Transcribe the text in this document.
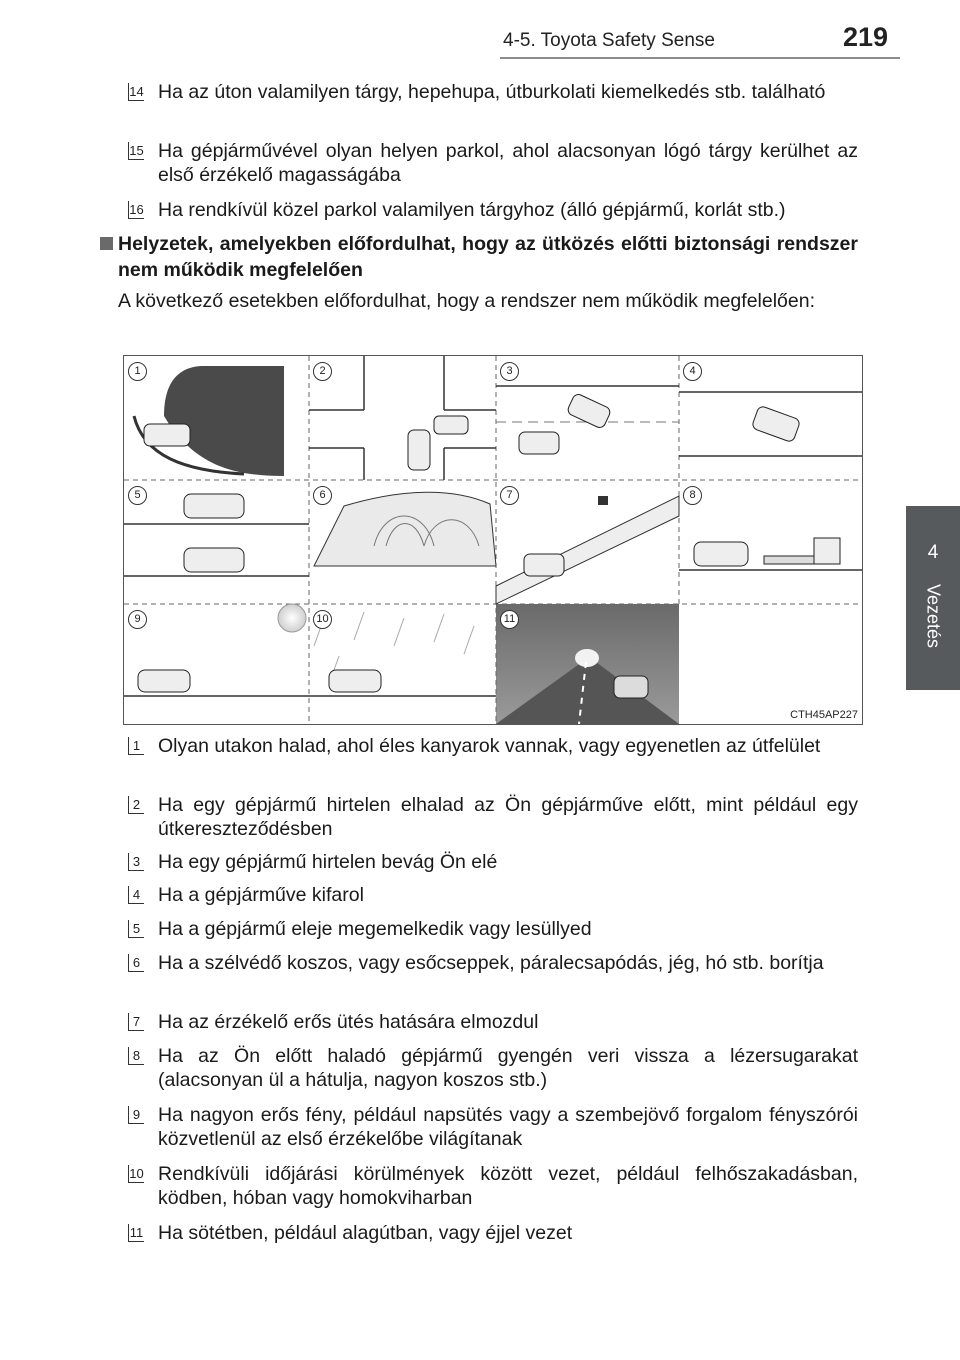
4-5. Toyota Safety Sense	219
4
Vezetés
14 Ha az úton valamilyen tárgy, hepehupa, útburkolati kiemelkedés stb. található
15 Ha gépjárművével olyan helyen parkol, ahol alacsonyan lógó tárgy kerülhet az első érzékelő magasságába
16 Ha rendkívül közel parkol valamilyen tárgyhoz (álló gépjármű, korlát stb.)
Helyzetek, amelyekben előfordulhat, hogy az ütközés előtti biztonsági rendszer nem működik megfelelően
A következő esetekben előfordulhat, hogy a rendszer nem működik megfelelően:
1	2	3	4
5	6	7	8
9	10	11
CTH45AP227
1 Olyan utakon halad, ahol éles kanyarok vannak, vagy egyenetlen az útfelület
2 Ha egy gépjármű hirtelen elhalad az Ön gépjárműve előtt, mint például egy útkereszteződésben
3 Ha egy gépjármű hirtelen bevág Ön elé
4 Ha a gépjárműve kifarol
5 Ha a gépjármű eleje megemelkedik vagy lesüllyed
6 Ha a szélvédő koszos, vagy esőcseppek, páralecsapódás, jég, hó stb. borítja
7 Ha az érzékelő erős ütés hatására elmozdul
8 Ha az Ön előtt haladó gépjármű gyengén veri vissza a lézersugarakat (alacsonyan ül a hátulja, nagyon koszos stb.)
9 Ha nagyon erős fény, például napsütés vagy a szembejövő forgalom fényszórói közvetlenül az első érzékelőbe világítanak
10 Rendkívüli időjárási körülmények között vezet, például felhőszakadásban, ködben, hóban vagy homokviharban
11 Ha sötétben, például alagútban, vagy éjjel vezet
